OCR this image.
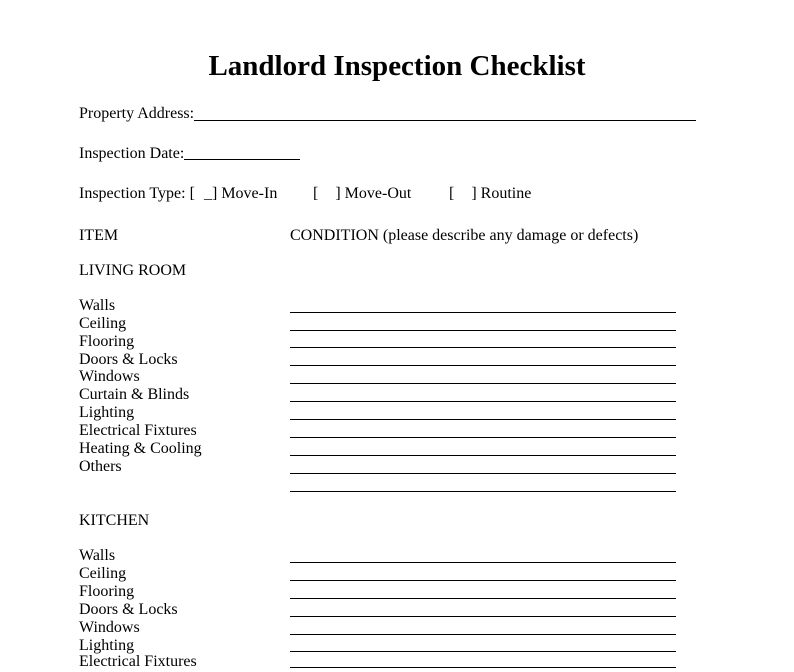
Landlord Inspection Checklist
Property Address:
Inspection Date:
Inspection Type: [ _] Move-In [ ] Move-Out [ ] Routine
ITEM	CONDITION (please describe any damage or defects)
LIVING ROOM
Walls
Ceiling
Flooring
Doors & Locks
Windows
Curtain & Blinds
Lighting
Electrical Fixtures
Heating & Cooling
Others
KITCHEN
Walls
Ceiling
Flooring
Doors & Locks
Windows
Lighting
Electrical Fixtures
